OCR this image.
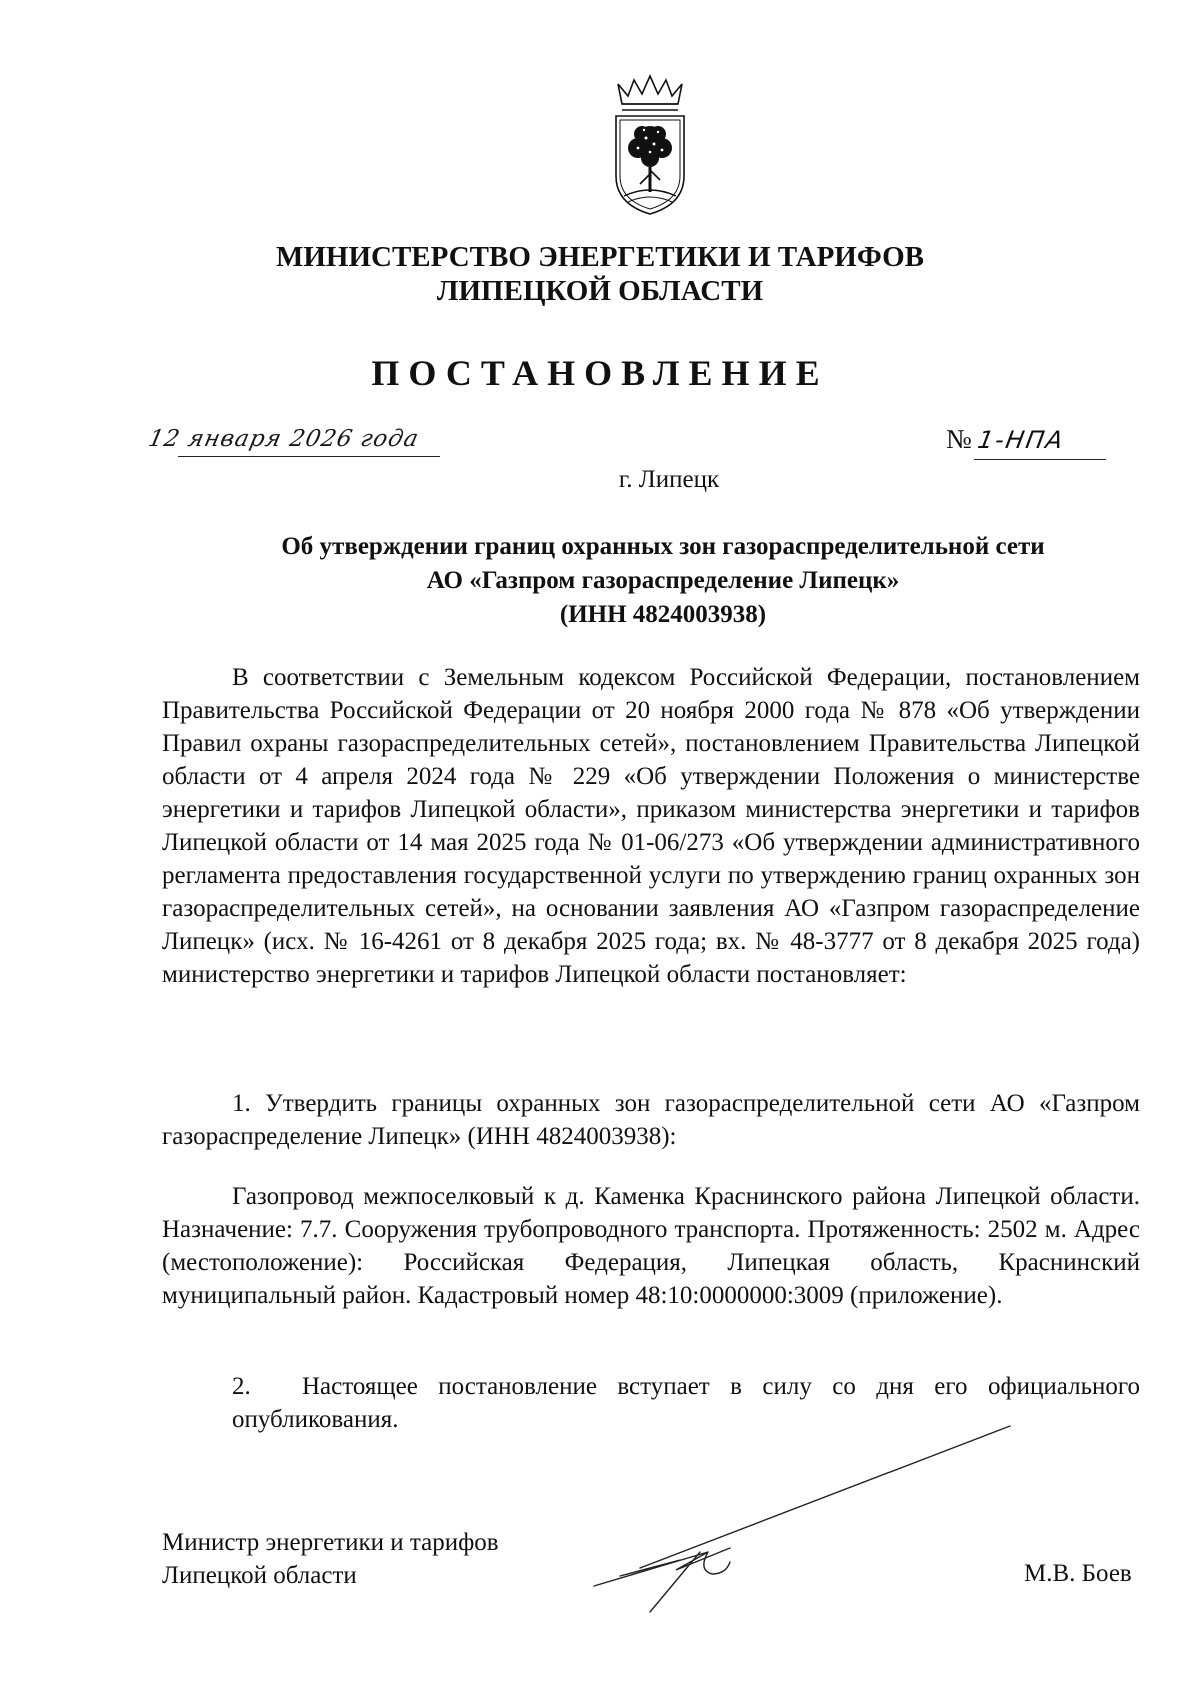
МИНИСТЕРСТВО ЭНЕРГЕТИКИ И ТАРИФОВ
ЛИПЕЦКОЙ ОБЛАСТИ
ПОСТАНОВЛЕНИЕ
12 января 2026 года	№ 1-НПА
г. Липецк
Об утверждении границ охранных зон газораспределительной сети
АО «Газпром газораспределение Липецк»
(ИНН 4824003938)

В соответствии с Земельным кодексом Российской Федерации, постановлением Правительства Российской Федерации от 20 ноября 2000 года № 878 «Об утверждении Правил охраны газораспределительных сетей», постановлением Правительства Липецкой области от 4 апреля 2024 года № 229 «Об утверждении Положения о министерстве энергетики и тарифов Липецкой области», приказом министерства энергетики и тарифов Липецкой области от 14 мая 2025 года № 01-06/273 «Об утверждении административного регламента предоставления государственной услуги по утверждению границ охранных зон газораспределительных сетей», на основании заявления АО «Газпром газораспределение Липецк» (исх. № 16-4261 от 8 декабря 2025 года; вх. № 48-3777 от 8 декабря 2025 года) министерство энергетики и тарифов Липецкой области постановляет:

1. Утвердить границы охранных зон газораспределительной сети АО «Газпром газораспределение Липецк» (ИНН 4824003938):

Газопровод межпоселковый к д. Каменка Краснинского района Липецкой области. Назначение: 7.7. Сооружения трубопроводного транспорта. Протяженность: 2502 м. Адрес (местоположение): Российская Федерация, Липецкая область, Краснинский муниципальный район. Кадастровый номер 48:10:0000000:3009 (приложение).

2. Настоящее постановление вступает в силу со дня его официального опубликования.

Министр энергетики и тарифов
Липецкой области	М.В. Боев
